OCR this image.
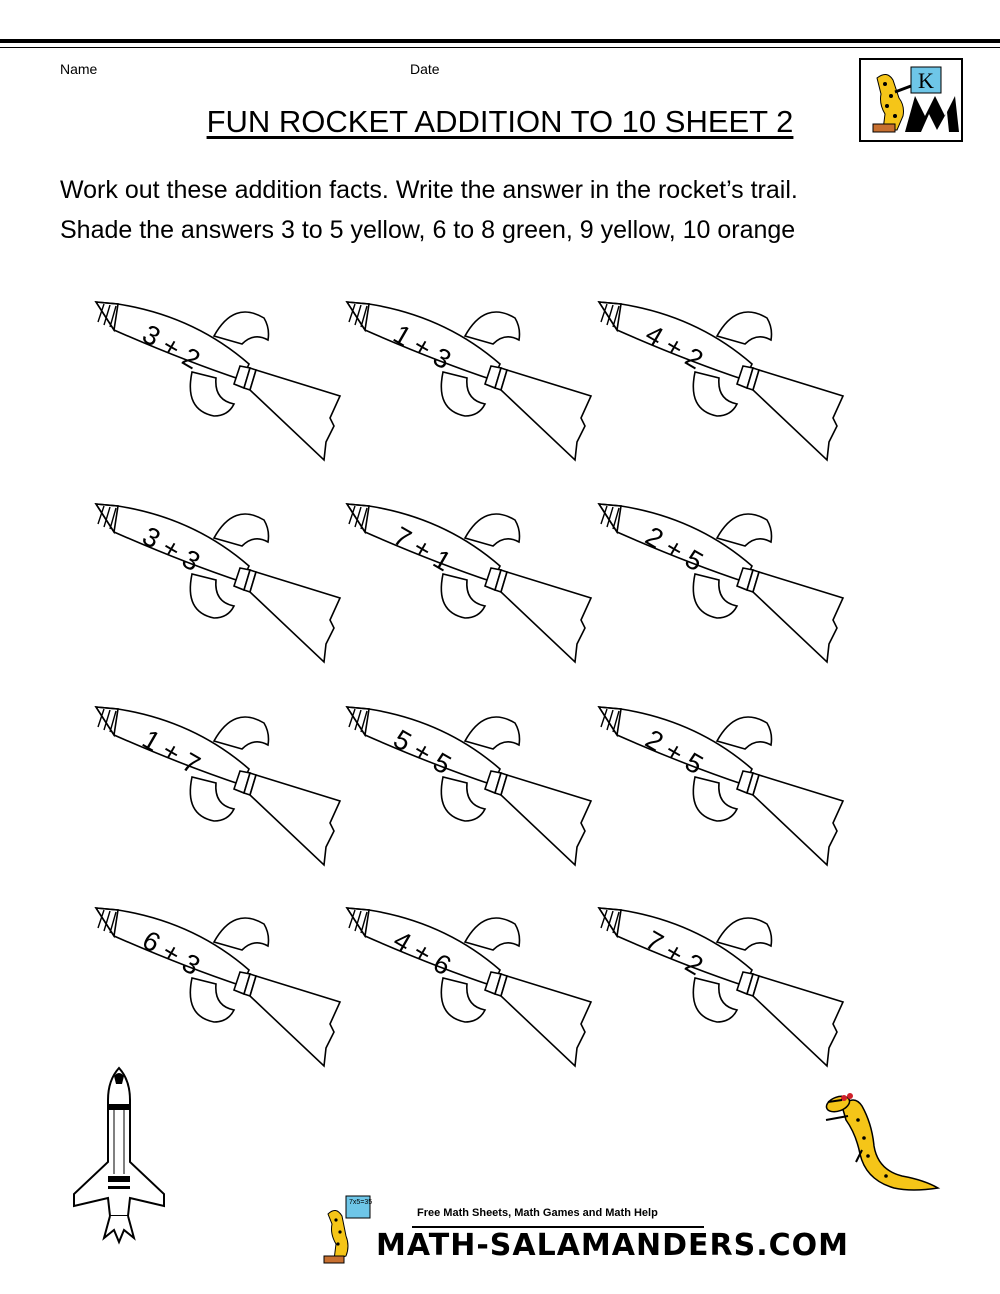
Name	Date	K
FUN ROCKET ADDITION TO 10 SHEET 2
Work out these addition facts. Write the answer in the rocket’s trail.
Shade the answers 3 to 5 yellow, 6 to 8 green, 9 yellow, 10 orange
3 + 2	1 + 3	4 + 2
3 + 3	7 + 1	2 + 5
1 + 7	5 + 5	2 + 5
6 + 3	4 + 6	7 + 2
7x5=35
Free Math Sheets, Math Games and Math Help
MATH-SALAMANDERS.COM
